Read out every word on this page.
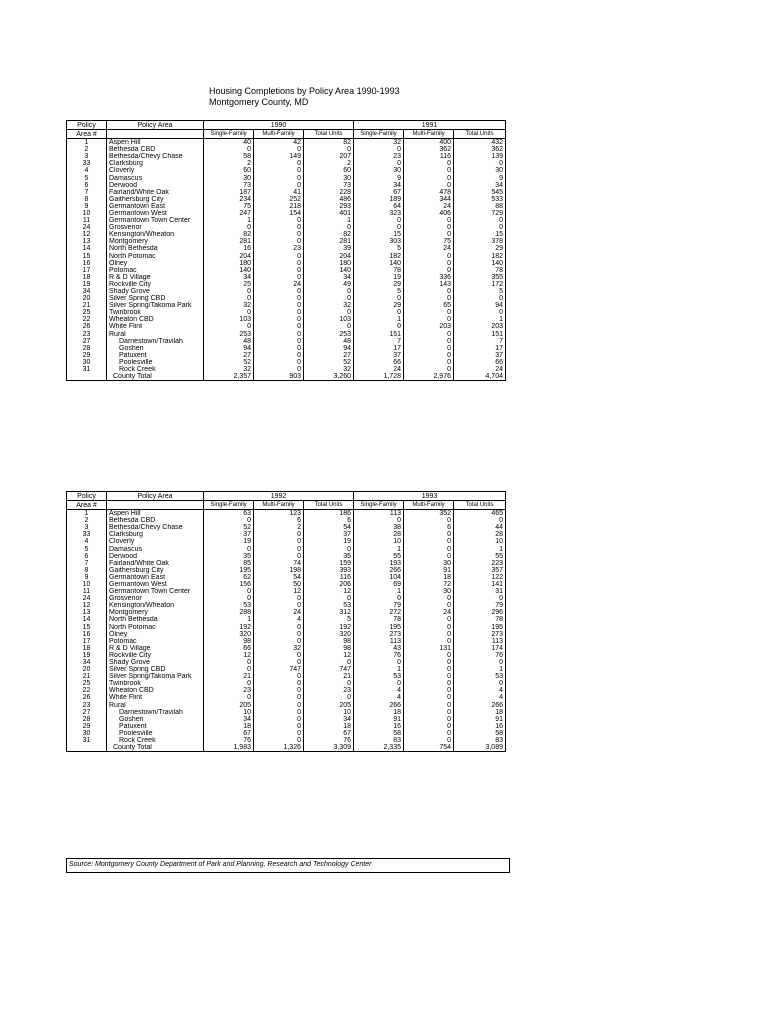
Housing Completions by Policy Area 1990-1993
Montgomery County, MD
Policy	Policy Area	1990			1991		
Area #		Single-Family	Multi-Family	Total Units	Single-Family	Multi-Family	Total Units
1	Aspen Hill	40	42	82	32	400	432
2	Bethesda CBD	0	0	0	0	362	362
3	Bethesda/Chevy Chase	58	149	207	23	116	139
33	Clarksburg	2	0	2	0	0	0
4	Cloverly	60	0	60	30	0	30
5	Damascus	30	0	30	9	0	9
6	Derwood	73	0	73	34	0	34
7	Fairland/White Oak	187	41	228	67	478	545
8	Gaithersburg City	234	252	486	189	344	533
9	Germantown East	75	218	293	64	24	88
10	Germantown West	247	154	401	323	406	729
11	Germantown Town Center	1	0	1	0	0	0
24	Grosvenor	0	0	0	0	0	0
12	Kensington/Wheaton	82	0	82	15	0	15
13	Montgomery	281	0	281	303	75	378
14	North Bethesda	16	23	39	5	24	29
15	North Potomac	204	0	204	182	0	182
16	Olney	180	0	180	140	0	140
17	Potomac	140	0	140	78	0	78
18	R & D Village	34	0	34	19	336	355
19	Rockville City	25	24	49	29	143	172
34	Shady Grove	0	0	0	5	0	5
20	Silver Spring CBD	0	0	0	0	0	0
21	Silver Spring/Takoma Park	32	0	32	29	65	94
25	Twinbrook	0	0	0	0	0	0
22	Wheaton CBD	103	0	103	1	0	1
26	White Flint	0	0	0	0	203	203
23	Rural	253	0	253	151	0	151
27	Darnestown/Travilah	48	0	48	7	0	7
28	Goshen	94	0	94	17	0	17
29	Patuxent	27	0	27	37	0	37
30	Poolesville	52	0	52	66	0	66
31	Rock Creek	32	0	32	24	0	24
	County Total	2,357	903	3,260	1,728	2,976	4,704
Policy	Policy Area	1992			1993		
Area #		Single-Family	Multi-Family	Total Units	Single-Family	Multi-Family	Total Units
1	Aspen Hill	63	123	186	113	352	465
2	Bethesda CBD	0	6	6	0	0	0
3	Bethesda/Chevy Chase	52	2	54	38	6	44
33	Clarksburg	37	0	37	28	0	28
4	Cloverly	19	0	19	10	0	10
5	Damascus	0	0	0	1	0	1
6	Derwood	35	0	35	55	0	55
7	Fairland/White Oak	85	74	159	193	30	223
8	Gaithersburg City	195	198	393	266	91	357
9	Germantown East	62	54	116	104	18	122
10	Germantown West	156	50	206	69	72	141
11	Germantown Town Center	0	12	12	1	30	31
24	Grosvenor	0	0	0	0	0	0
12	Kensington/Wheaton	53	0	53	79	0	79
13	Montgomery	288	24	312	272	24	296
14	North Bethesda	1	4	5	78	0	78
15	North Potomac	192	0	192	195	0	195
16	Olney	320	0	320	273	0	273
17	Potomac	98	0	98	113	0	113
18	R & D Village	66	32	98	43	131	174
19	Rockville City	12	0	12	76	0	76
34	Shady Grove	0	0	0	0	0	0
20	Silver Spring CBD	0	747	747	1	0	1
21	Silver Spring/Takoma Park	21	0	21	53	0	53
25	Twinbrook	0	0	0	0	0	0
22	Wheaton CBD	23	0	23	4	0	4
26	White Flint	0	0	0	4	0	4
23	Rural	205	0	205	266	0	266
27	Darnestown/Travilah	10	0	10	18	0	18
28	Goshen	34	0	34	91	0	91
29	Patuxent	18	0	18	16	0	16
30	Poolesville	67	0	67	58	0	58
31	Rock Creek	76	0	76	83	0	83
	County Total	1,983	1,326	3,309	2,335	754	3,089
Source: Montgomery County Department of Park and Planning, Research and Technology Center
